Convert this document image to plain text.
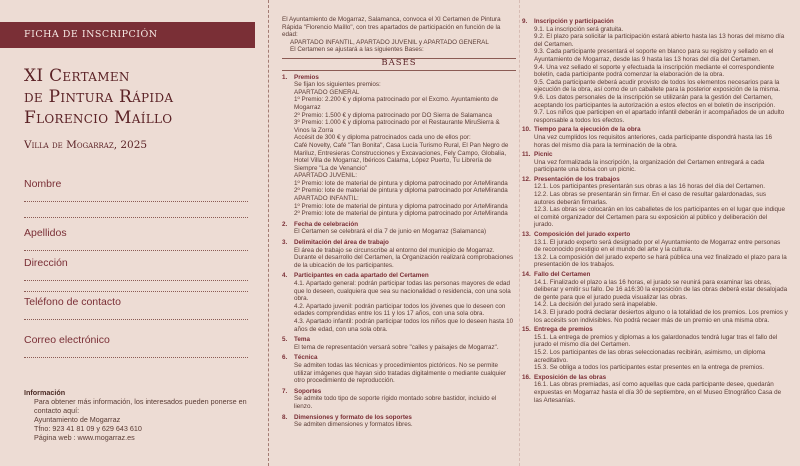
FICHA DE INSCRIPCIÓN
XI Certamen
de Pintura Rápida
Florencio Maíllo
Villa de Mogarraz, 2025
Nombre
Apellidos
Dirección
Teléfono de contacto
Correo electrónico
Información
Para obtener más información, los interesados pueden ponerse en
contacto aquí:
Ayuntamiento de Mogarraz
Tfno: 923 41 81 09 y 629 643 610
Página web : www.mogarraz.es

El Ayuntamiento de Mogarraz, Salamanca, convoca el XI Certamen de Pintura Rápida "Florencio Maíllo", con tres apartados de participación en función de la edad:

APARTADO INFANTIL, APARTADO JUVENIL y APARTADO GENERAL

El Certamen se ajustará a las siguientes Bases:

BASES
1. Premios
Se fijan los siguientes premios:
APARTADO GENERAL
1º Premio: 2.200 € y diploma patrocinado por el Excmo. Ayuntamiento de Mogarraz
2º Premio: 1.500 € y diploma patrocinado por DO Sierra de Salamanca
3º Premio: 1.000 € y diploma patrocinado por el Restaurante MiruSierra & Vinos la Zorra
Accésit de 300 € y diploma patrocinados cada uno de ellos por:
Café Novelty, Café "Tan Bonita", Casa Lucía Turismo Rural, El Pan Negro de Mariluz, Entresieras Construcciones y Excavaciones, Fely Campo, Globalia, Hotel Villa de Mogarraz, Ibéricos Calama, López Puerto, Tu Librería de Siempre "La de Venancio"
APARTADO JUVENIL:
1º Premio: lote de material de pintura y diploma patrocinado por ArteMiranda
2º Premio: lote de material de pintura y diploma patrocinado por ArteMiranda
APARTADO INFANTIL:
1º Premio: lote de material de pintura y diploma patrocinado por ArteMiranda
2º Premio: lote de material de pintura y diploma patrocinado por ArteMiranda
2. Fecha de celebración
El Certamen se celebrará el día 7 de junio en Mogarraz (Salamanca)
3. Delimitación del área de trabajo
El área de trabajo se circunscribe al entorno del municipio de Mogarraz.
Durante el desarrollo del Certamen, la Organización realizará comprobaciones de la ubicación de los participantes.
4. Participantes en cada apartado del Certamen
4.1. Apartado general: podrán participar todas las personas mayores de edad que lo deseen, cualquiera que sea su nacionalidad o residencia, con una sola obra.
4.2. Apartado juvenil: podrán participar todos los jóvenes que lo deseen con edades comprendidas entre los 11 y los 17 años, con una sola obra.
4.3. Apartado infantil: podrán participar todos los niños que lo deseen hasta 10 años de edad, con una sola obra.
5. Tema
El tema de representación versará sobre "calles y paisajes de Mogarraz".
6. Técnica
Se admiten todas las técnicas y procedimientos pictóricos. No se permite utilizar imágenes que hayan sido tratadas digitalmente o mediante cualquier otro procedimiento de reproducción.
7. Soportes
Se admite todo tipo de soporte rígido montado sobre bastidor, incluido el lienzo.
8. Dimensiones y formato de los soportes
Se admiten dimensiones y formatos libres.
9. Inscripción y participación
9.1. La inscripción será gratuita.
9.2. El plazo para solicitar la participación estará abierto hasta las 13 horas del mismo día del Certamen.
9.3. Cada participante presentará el soporte en blanco para su registro y sellado en el Ayuntamiento de Mogarraz, desde las 9 hasta las 13 horas del día del Certamen.
9.4. Una vez sellado el soporte y efectuada la inscripción mediante el correspondiente boletín, cada participante podrá comenzar la elaboración de la obra.
9.5. Cada participante deberá acudir provisto de todos los elementos necesarios para la ejecución de la obra, así como de un caballete para la posterior exposición de la misma.
9.6. Los datos personales de la inscripción se utilizarán para la gestión del Certamen, aceptando los participantes la autorización a estos efectos en el boletín de inscripción.
9.7. Los niños que participen en el apartado infantil deberán ir acompañados de un adulto responsable a todos los efectos.
10. Tiempo para la ejecución de la obra
Una vez cumplidos los requisitos anteriores, cada participante dispondrá hasta las 16 horas del mismo día para la terminación de la obra.
11. Picnic
Una vez formalizada la inscripción, la organización del Certamen entregará a cada participante una bolsa con un picnic.
12. Presentación de los trabajos
12.1. Los participantes presentarán sus obras a las 16 horas del día del Certamen.
12.2. Las obras se presentarán sin firmar. En el caso de resultar galardonadas, sus autores deberán firmarlas.
12.3. Las obras se colocarán en los caballetes de los participantes en el lugar que indique el comité organizador del Certamen para su exposición al público y deliberación del jurado.
13. Composición del jurado experto
13.1. El jurado experto será designado por el Ayuntamiento de Mogarraz entre personas de reconocido prestigio en el mundo del arte y la cultura.
13.2. La composición del jurado experto se hará pública una vez finalizado el plazo para la presentación de los trabajos.
14. Fallo del Certamen
14.1. Finalizado el plazo a las 16 horas, el jurado se reunirá para examinar las obras, deliberar y emitir su fallo. De 16 a16:30 la exposición de las obras deberá estar desalojada de gente para que el jurado pueda visualizar las obras.
14.2. La decisión del jurado será inapelable.
14.3. El jurado podrá declarar desiertos alguno o la totalidad de los premios. Los premios y los accésits son indivisibles. No podrá recaer más de un premio en una misma obra.
15. Entrega de premios
15.1. La entrega de premios y diplomas a los galardonados tendrá lugar tras el fallo del jurado el mismo día del Certamen.
15.2. Los participantes de las obras seleccionadas recibirán, asimismo, un diploma acreditativo.
15.3. Se obliga a todos los participantes estar presentes en la entrega de premios.
16. Exposición de las obras
16.1. Las obras premiadas, así como aquellas que cada participante desee, quedarán expuestas en Mogarraz hasta el día 30 de septiembre, en el Museo Etnográfico Casa de las Artesanías.
